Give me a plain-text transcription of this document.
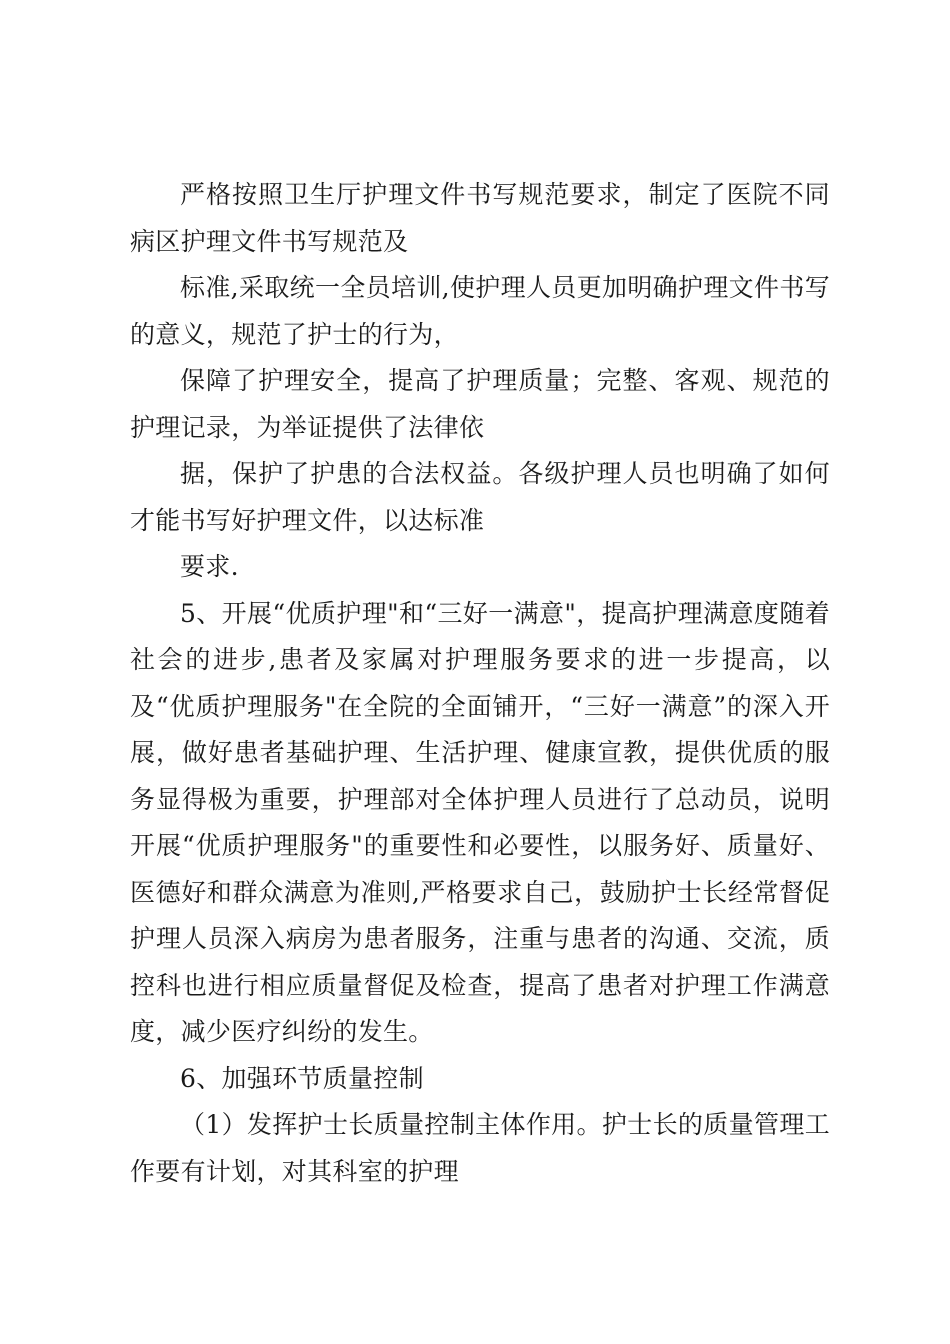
严格按照卫生厅护理文件书写规范要求，制定了医院不同病区护理文件书写规范及

标准,采取统一全员培训,使护理人员更加明确护理文件书写的意义，规范了护士的行为，

保障了护理安全，提高了护理质量；完整、客观、规范的护理记录，为举证提供了法律依

据，保护了护患的合法权益。各级护理人员也明确了如何才能书写好护理文件，以达标准

要求.

5、开展“优质护理"和“三好一满意"，提高护理满意度随着社会的进步,患者及家属对护理服务要求的进一步提高，以及“优质护理服务"在全院的全面铺开，“三好一满意”的深入开展，做好患者基础护理、生活护理、健康宣教，提供优质的服务显得极为重要，护理部对全体护理人员进行了总动员，说明开展“优质护理服务"的重要性和必要性，以服务好、质量好、医德好和群众满意为准则,严格要求自己，鼓励护士长经常督促护理人员深入病房为患者服务，注重与患者的沟通、交流，质控科也进行相应质量督促及检查，提高了患者对护理工作满意度，减少医疗纠纷的发生。

6、加强环节质量控制

（1）发挥护士长质量控制主体作用。护士长的质量管理工作要有计划，对其科室的护理
